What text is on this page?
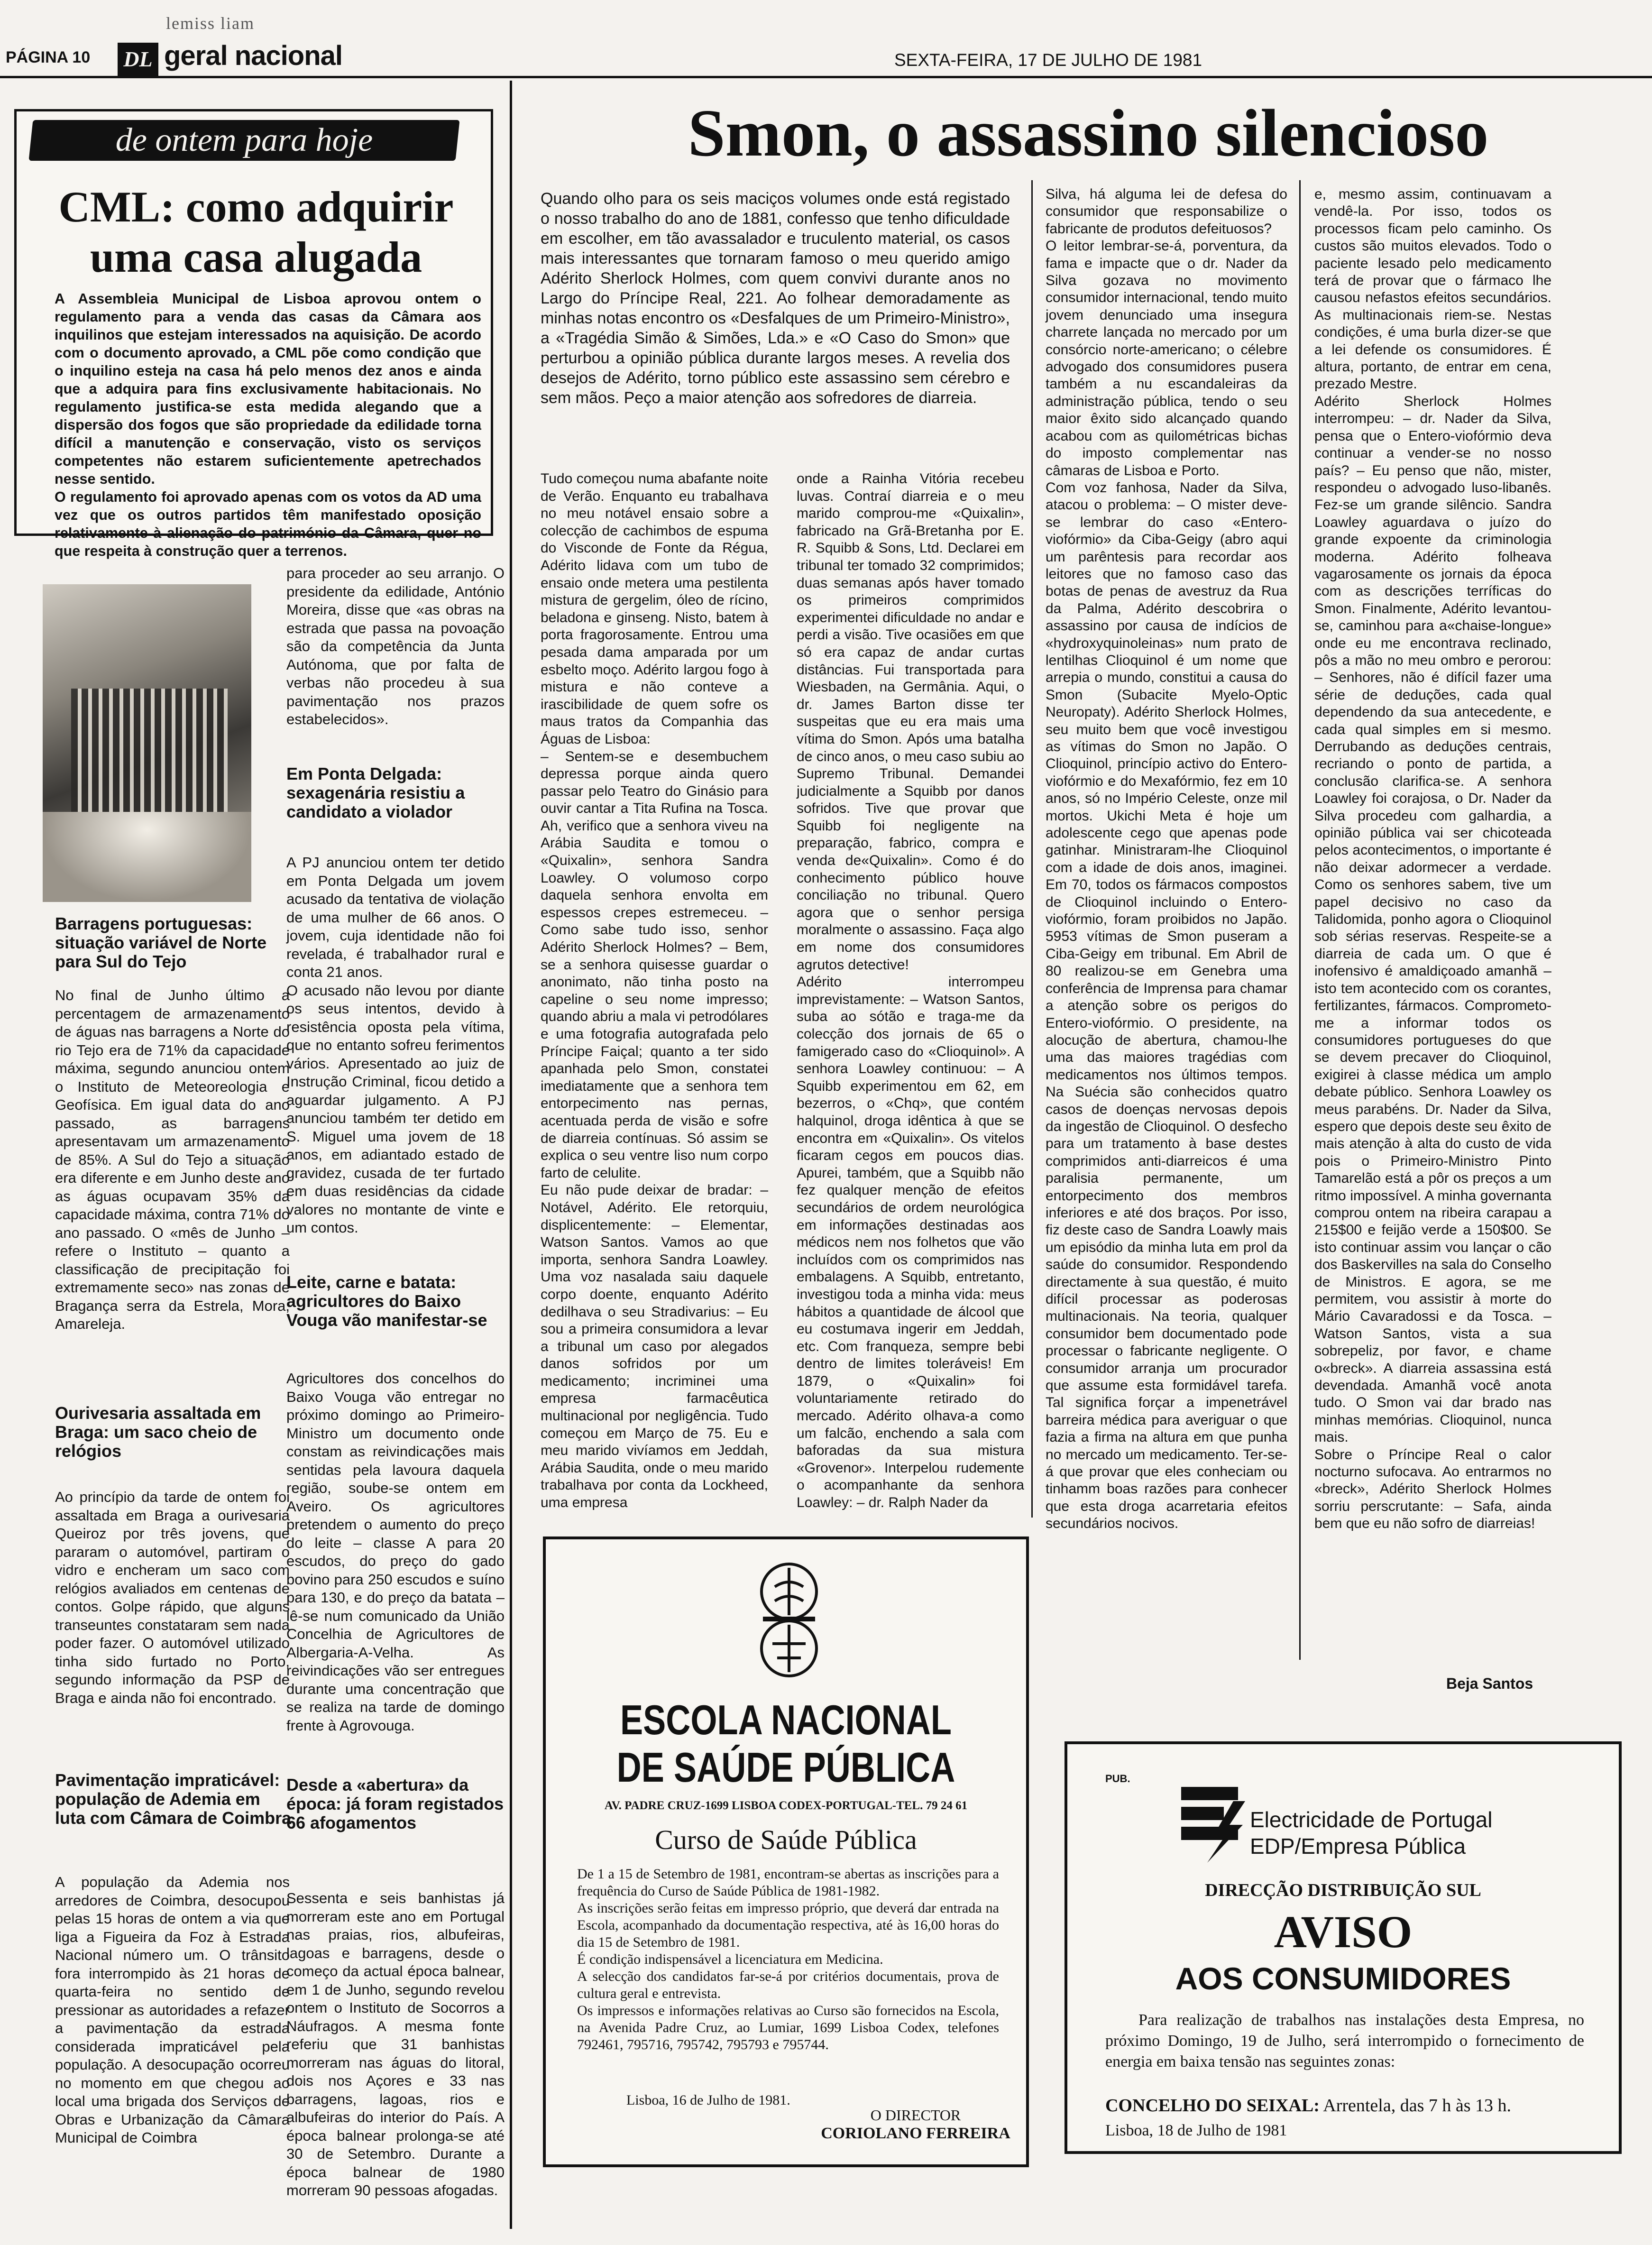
lemiss liam
PÁGINA 10 DL geral nacional	SEXTA-FEIRA, 17 DE JULHO DE 1981
de ontem para hoje
CML: como adquirir uma casa alugada

A Assembleia Municipal de Lisboa aprovou ontem o regulamento para a venda das casas da Câmara aos inquilinos que estejam interessados na aquisição. De acordo com o documento aprovado, a CML põe como condição que o inquilino esteja na casa há pelo menos dez anos e ainda que a adquira para fins exclusivamente habitacionais. No regulamento justifica-se esta medida alegando que a dispersão dos fogos que são propriedade da edilidade torna difícil a manutenção e conservação, visto os serviços competentes não estarem suficientemente apetrechados nesse sentido.
O regulamento foi aprovado apenas com os votos da AD uma vez que os outros partidos têm manifestado oposição relativamente à alienação do património da Câmara, quer no que respeita à construção quer a terrenos.

Barragens portuguesas: situação variável de Norte para Sul do Tejo

No final de Junho último a percentagem de armazenamento de águas nas barragens a Norte do rio Tejo era de 71% da capacidade máxima, segundo anunciou ontem o Instituto de Meteoreologia e Geofísica. Em igual data do ano passado, as barragens apresentavam um armazenamento de 85%. A Sul do Tejo a situação era diferente e em Junho deste ano as águas ocupavam 35% da capacidade máxima, contra 71% do ano passado. O «mês de Junho – refere o Instituto – quanto a classificação de precipitação foi extremamente seco» nas zonas de Bragança serra da Estrela, Mora, Amareleja.

Ourivesaria assaltada em Braga: um saco cheio de relógios

Ao princípio da tarde de ontem foi assaltada em Braga a ourivesaria Queiroz por três jovens, que pararam o automóvel, partiram o vidro e encheram um saco com relógios avaliados em centenas de contos. Golpe rápido, que alguns transeuntes constataram sem nada poder fazer. O automóvel utilizado tinha sido furtado no Porto, segundo informação da PSP de Braga e ainda não foi encontrado.

Pavimentação impraticável: população de Ademia em luta com Câmara de Coimbra

A população da Ademia nos arredores de Coimbra, desocupou pelas 15 horas de ontem a via que liga a Figueira da Foz à Estrada Nacional número um. O trânsito fora interrompido às 21 horas de quarta-feira no sentido de pressionar as autoridades a refazer a pavimentação da estrada considerada impraticável pela população. A desocupação ocorreu no momento em que chegou ao local uma brigada dos Serviços de Obras e Urbanização da Câmara Municipal de Coimbra

para proceder ao seu arranjo. O presidente da edilidade, António Moreira, disse que «as obras na estrada que passa na povoação são da competência da Junta Autónoma, que por falta de verbas não procedeu à sua pavimentação nos prazos estabelecidos».

Em Ponta Delgada: sexagenária resistiu a candidato a violador

A PJ anunciou ontem ter detido em Ponta Delgada um jovem acusado da tentativa de violação de uma mulher de 66 anos. O jovem, cuja identidade não foi revelada, é trabalhador rural e conta 21 anos.
O acusado não levou por diante os seus intentos, devido à resistência oposta pela vítima, que no entanto sofreu ferimentos vários. Apresentado ao juiz de Instrução Criminal, ficou detido a aguardar julgamento. A PJ anunciou também ter detido em S. Miguel uma jovem de 18 anos, em adiantado estado de gravidez, cusada de ter furtado em duas residências da cidade valores no montante de vinte e um contos.

Leite, carne e batata: agricultores do Baixo Vouga vão manifestar-se

Agricultores dos concelhos do Baixo Vouga vão entregar no próximo domingo ao Primeiro-Ministro um documento onde constam as reivindicações mais sentidas pela lavoura daquela região, soube-se ontem em Aveiro. Os agricultores pretendem o aumento do preço do leite – classe A para 20 escudos, do preço do gado bovino para 250 escudos e suíno para 130, e do preço da batata – lê-se num comunicado da União Concelhia de Agricultores de Albergaria-A-Velha. As reivindicações vão ser entregues durante uma concentração que se realiza na tarde de domingo frente à Agrovouga.

Desde a «abertura» da época: já foram registados 66 afogamentos

Sessenta e seis banhistas já morreram este ano em Portugal nas praias, rios, albufeiras, lagoas e barragens, desde o começo da actual época balnear, em 1 de Junho, segundo revelou ontem o Instituto de Socorros a Náufragos. A mesma fonte referiu que 31 banhistas morreram nas águas do litoral, dois nos Açores e 33 nas barragens, lagoas, rios e albufeiras do interior do País. A época balnear prolonga-se até 30 de Setembro. Durante a época balnear de 1980 morreram 90 pessoas afogadas.

Smon, o assassino silencioso

Quando olho para os seis maciços volumes onde está registado o nosso trabalho do ano de 1881, confesso que tenho dificuldade em escolher, em tão avassalador e truculento material, os casos mais interessantes que tornaram famoso o meu querido amigo Adérito Sherlock Holmes, com quem convivi durante anos no Largo do Príncipe Real, 221. Ao folhear demoradamente as minhas notas encontro os «Desfalques de um Primeiro-Ministro», a «Tragédia Simão & Simões, Lda.» e «O Caso do Smon» que perturbou a opinião pública durante largos meses. A revelia dos desejos de Adérito, torno público este assassino sem cérebro e sem mãos. Peço a maior atenção aos sofredores de diarreia.

Tudo começou numa abafante noite de Verão. Enquanto eu trabalhava no meu notável ensaio sobre a colecção de cachimbos de espuma do Visconde de Fonte da Régua, Adérito lidava com um tubo de ensaio onde metera uma pestilenta mistura de gergelim, óleo de rícino, beladona e ginseng. Nisto, batem à porta fragorosamente. Entrou uma pesada dama amparada por um esbelto moço. Adérito largou fogo à mistura e não conteve a irascibilidade de quem sofre os maus tratos da Companhia das Águas de Lisboa:
– Sentem-se e desembuchem depressa porque ainda quero passar pelo Teatro do Ginásio para ouvir cantar a Tita Rufina na Tosca. Ah, verifico que a senhora viveu na Arábia Saudita e tomou o «Quixalin», senhora Sandra Loawley. O volumoso corpo daquela senhora envolta em espessos crepes estremeceu. – Como sabe tudo isso, senhor Adérito Sherlock Holmes? – Bem, se a senhora quisesse guardar o anonimato, não tinha posto na capeline o seu nome impresso; quando abriu a mala vi petrodólares e uma fotografia autografada pelo Príncipe Faiçal; quanto a ter sido apanhada pelo Smon, constatei imediatamente que a senhora tem entorpecimento nas pernas, acentuada perda de visão e sofre de diarreia contínuas. Só assim se explica o seu ventre liso num corpo farto de celulite.
Eu não pude deixar de bradar: – Notável, Adérito. Ele retorquiu, displicentemente: – Elementar, Watson Santos. Vamos ao que importa, senhora Sandra Loawley. Uma voz nasalada saiu daquele corpo doente, enquanto Adérito dedilhava o seu Stradivarius: – Eu sou a primeira consumidora a levar a tribunal um caso por alegados danos sofridos por um medicamento; incriminei uma empresa farmacêutica multinacional por negligência. Tudo começou em Março de 75. Eu e meu marido vivíamos em Jeddah, Arábia Saudita, onde o meu marido trabalhava por conta da Lockheed, uma empresa

onde a Rainha Vitória recebeu luvas. Contraí diarreia e o meu marido comprou-me «Quixalin», fabricado na Grã-Bretanha por E. R. Squibb & Sons, Ltd. Declarei em tribunal ter tomado 32 comprimidos; duas semanas após haver tomado os primeiros comprimidos experimentei dificuldade no andar e perdi a visão. Tive ocasiões em que só era capaz de andar curtas distâncias. Fui transportada para Wiesbaden, na Germânia. Aqui, o dr. James Barton disse ter suspeitas que eu era mais uma vítima do Smon. Após uma batalha de cinco anos, o meu caso subiu ao Supremo Tribunal. Demandei judicialmente a Squibb por danos sofridos. Tive que provar que Squibb foi negligente na preparação, fabrico, compra e venda de«Quixalin». Como é do conhecimento público houve conciliação no tribunal. Quero agora que o senhor persiga moralmente o assassino. Faça algo em nome dos consumidores agrutos detective!
Adérito interrompeu imprevistamente: – Watson Santos, suba ao sótão e traga-me da colecção dos jornais de 65 o famigerado caso do «Clioquinol». A senhora Loawley continuou: – A Squibb experimentou em 62, em bezerros, o «Chq», que contém halquinol, droga idêntica à que se encontra em «Quixalin». Os vitelos ficaram cegos em poucos dias. Apurei, também, que a Squibb não fez qualquer menção de efeitos secundários de ordem neurológica em informações destinadas aos médicos nem nos folhetos que vão incluídos com os comprimidos nas embalagens. A Squibb, entretanto, investigou toda a minha vida: meus hábitos a quantidade de álcool que eu costumava ingerir em Jeddah, etc. Com franqueza, sempre bebi dentro de limites toleráveis! Em 1879, o «Quixalin» foi voluntariamente retirado do mercado. Adérito olhava-a como um falcão, enchendo a sala com baforadas da sua mistura «Grovenor». Interpelou rudemente o acompanhante da senhora Loawley: – dr. Ralph Nader da

Silva, há alguma lei de defesa do consumidor que responsabilize o fabricante de produtos defeituosos?
O leitor lembrar-se-á, porventura, da fama e impacte que o dr. Nader da Silva gozava no movimento consumidor internacional, tendo muito jovem denunciado uma insegura charrete lançada no mercado por um consórcio norte-americano; o célebre advogado dos consumidores pusera também a nu escandaleiras da administração pública, tendo o seu maior êxito sido alcançado quando acabou com as quilométricas bichas do imposto complementar nas câmaras de Lisboa e Porto.
Com voz fanhosa, Nader da Silva, atacou o problema: – O mister deve-se lembrar do caso «Entero-viofórmio» da Ciba-Geigy (abro aqui um parêntesis para recordar aos leitores que no famoso caso das botas de penas de avestruz da Rua da Palma, Adérito descobrira o assassino por causa de indícios de «hydroxyquinoleinas» num prato de lentilhas Clioquinol é um nome que arrepia o mundo, constitui a causa do Smon (Subacite Myelo-Optic Neuropaty). Adérito Sherlock Holmes, seu muito bem que você investigou as vítimas do Smon no Japão. O Clioquinol, princípio activo do Entero-viofórmio e do Mexafórmio, fez em 10 anos, só no Império Celeste, onze mil mortos. Ukichi Meta é hoje um adolescente cego que apenas pode gatinhar. Ministraram-lhe Clioquinol com a idade de dois anos, imaginei. Em 70, todos os fármacos compostos de Clioquinol incluindo o Entero-viofórmio, foram proibidos no Japão. 5953 vítimas de Smon puseram a Ciba-Geigy em tribunal. Em Abril de 80 realizou-se em Genebra uma conferência de Imprensa para chamar a atenção sobre os perigos do Entero-viofórmio. O presidente, na alocução de abertura, chamou-lhe uma das maiores tragédias com medicamentos nos últimos tempos. Na Suécia são conhecidos quatro casos de doenças nervosas depois da ingestão de Clioquinol. O desfecho para um tratamento à base destes comprimidos anti-diarreicos é uma paralisia permanente, um entorpecimento dos membros inferiores e até dos braços. Por isso, fiz deste caso de Sandra Loawly mais um episódio da minha luta em prol da saúde do consumidor. Respondendo directamente à sua questão, é muito difícil processar as poderosas multinacionais. Na teoria, qualquer consumidor bem documentado pode processar o fabricante negligente. O consumidor arranja um procurador que assume esta formidável tarefa. Tal significa forçar a impenetrável barreira médica para averiguar o que fazia a firma na altura em que punha no mercado um medicamento. Ter-se-á que provar que eles conheciam ou tinhamm boas razões para conhecer que esta droga acarretaria efeitos secundários nocivos.

e, mesmo assim, continuavam a vendê-la. Por isso, todos os processos ficam pelo caminho. Os custos são muitos elevados. Todo o paciente lesado pelo medicamento terá de provar que o fármaco lhe causou nefastos efeitos secundários. As multinacionais riem-se. Nestas condições, é uma burla dizer-se que a lei defende os consumidores. É altura, portanto, de entrar em cena, prezado Mestre.
Adérito Sherlock Holmes interrompeu: – dr. Nader da Silva, pensa que o Entero-viofórmio deva continuar a vender-se no nosso país? – Eu penso que não, mister, respondeu o advogado luso-libanês. Fez-se um grande silêncio. Sandra Loawley aguardava o juízo do grande expoente da criminologia moderna. Adérito folheava vagarosamente os jornais da época com as descrições terríficas do Smon. Finalmente, Adérito levantou-se, caminhou para a«chaise-longue» onde eu me encontrava reclinado, pôs a mão no meu ombro e perorou: – Senhores, não é difícil fazer uma série de deduções, cada qual dependendo da sua antecedente, e cada qual simples em si mesmo. Derrubando as deduções centrais, recriando o ponto de partida, a conclusão clarifica-se. A senhora Loawley foi corajosa, o Dr. Nader da Silva procedeu com galhardia, a opinião pública vai ser chicoteada pelos acontecimentos, o importante é não deixar adormecer a verdade. Como os senhores sabem, tive um papel decisivo no caso da Talidomida, ponho agora o Clioquinol sob sérias reservas. Respeite-se a diarreia de cada um. O que é inofensivo é amaldiçoado amanhã – isto tem acontecido com os corantes, fertilizantes, fármacos. Comprometo-me a informar todos os consumidores portugueses do que se devem precaver do Clioquinol, exigirei à classe médica um amplo debate público. Senhora Loawley os meus parabéns. Dr. Nader da Silva, espero que depois deste seu êxito de mais atenção à alta do custo de vida pois o Primeiro-Ministro Pinto Tamarelão está a pôr os preços a um ritmo impossível. A minha governanta comprou ontem na ribeira carapau a 215$00 e feijão verde a 150$00. Se isto continuar assim vou lançar o cão dos Baskervilles na sala do Conselho de Ministros. E agora, se me permitem, vou assistir à morte do Mário Cavaradossi e da Tosca. – Watson Santos, vista a sua sobrepeliz, por favor, e chame o«breck». A diarreia assassina está devendada. Amanhã você anota tudo. O Smon vai dar brado nas minhas memórias. Clioquinol, nunca mais.
Sobre o Príncipe Real o calor nocturno sufocava. Ao entrarmos no «breck», Adérito Sherlock Holmes sorriu perscrutante: – Safa, ainda bem que eu não sofro de diarreias!

Beja Santos
ESCOLA NACIONAL
DE SAÚDE PÚBLICA
AV. PADRE CRUZ-1699 LISBOA CODEX-PORTUGAL-TEL. 79 24 61
Curso de Saúde Pública

De 1 a 15 de Setembro de 1981, encontram-se abertas as inscrições para a frequência do Curso de Saúde Pública de 1981-1982.
As inscrições serão feitas em impresso próprio, que deverá dar entrada na Escola, acompanhado da documentação respectiva, até às 16,00 horas do dia 15 de Setembro de 1981.
É condição indispensável a licenciatura em Medicina.
A selecção dos candidatos far-se-á por critérios documentais, prova de cultura geral e entrevista.
Os impressos e informações relativas ao Curso são fornecidos na Escola, na Avenida Padre Cruz, ao Lumiar, 1699 Lisboa Codex, telefones 792461, 795716, 795742, 795793 e 795744.

Lisboa, 16 de Julho de 1981.
O DIRECTOR
CORIOLANO FERREIRA
PUB.
Electricidade de Portugal
EDP/Empresa Pública
DIRECÇÃO DISTRIBUIÇÃO SUL
AVISO
AOS CONSUMIDORES

Para realização de trabalhos nas instalações desta Empresa, no próximo Domingo, 19 de Julho, será interrompido o fornecimento de energia em baixa tensão nas seguintes zonas:

CONCELHO DO SEIXAL: Arrentela, das 7 h às 13 h.
Lisboa, 18 de Julho de 1981
